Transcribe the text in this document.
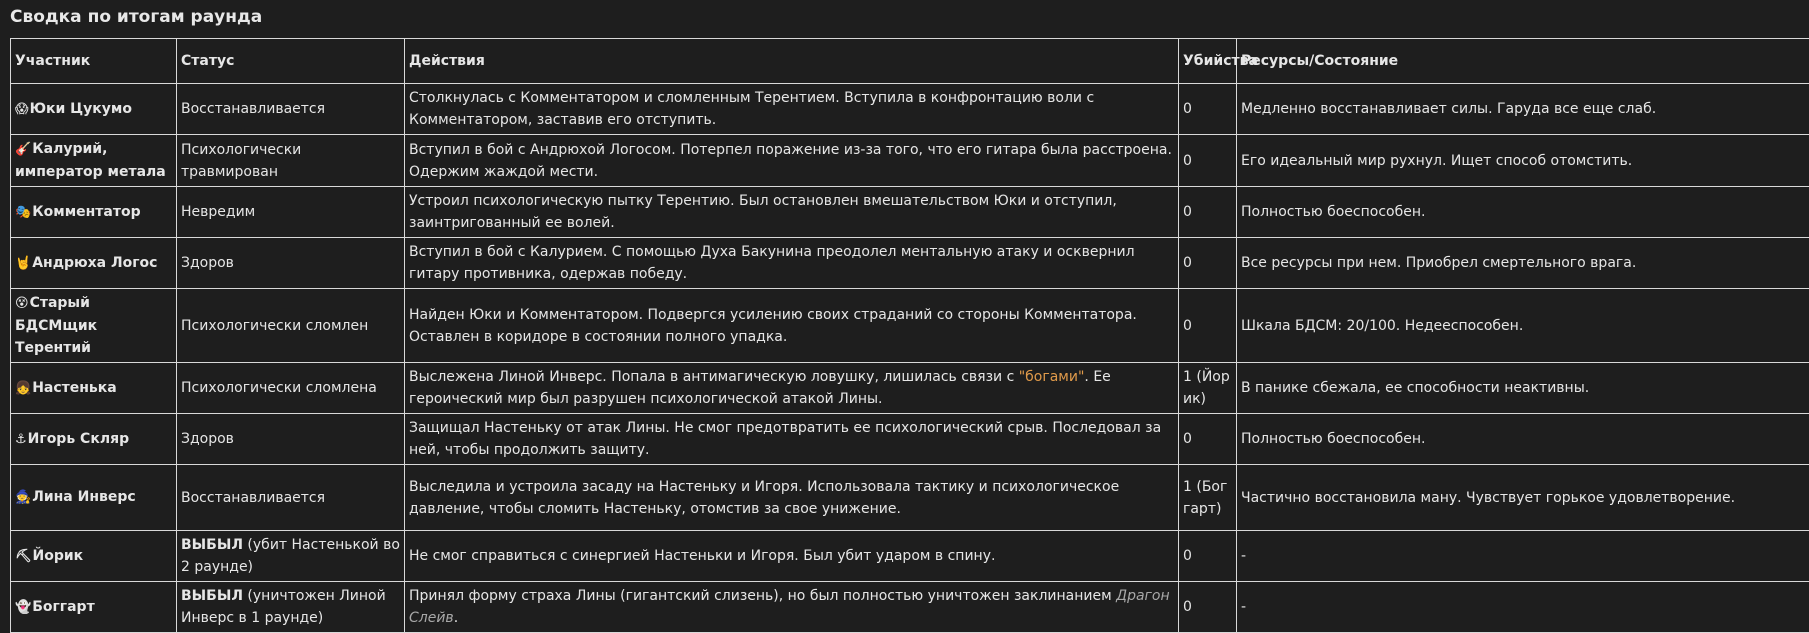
Сводка по итогам раунда
Участник	Статус	Действия	Убийства	Ресурсы/Состояние
😱Юки Цукумо	Восстанавливается	Столкнулась с Комментатором и сломленным Терентием. Вступила в конфронтацию воли с Комментатором, заставив его отступить.	0	Медленно восстанавливает силы. Гаруда все еще слаб.
🎸Калурий, император метала	Психологически травмирован	Вступил в бой с Андрюхой Логосом. Потерпел поражение из-за того, что его гитара была расстроена. Одержим жаждой мести.	0	Его идеальный мир рухнул. Ищет способ отомстить.
🎭Комментатор	Невредим	Устроил психологическую пытку Терентию. Был остановлен вмешательством Юки и отступил, заинтригованный ее волей.	0	Полностью боеспособен.
🤘Андрюха Логос	Здоров	Вступил в бой с Калурием. С помощью Духа Бакунина преодолел ментальную атаку и осквернил гитару противника, одержав победу.	0	Все ресурсы при нем. Приобрел смертельного врага.
😵Старый БДСМщик Терентий	Психологически сломлен	Найден Юки и Комментатором. Подвергся усилению своих страданий со стороны Комментатора. Оставлен в коридоре в состоянии полного упадка.	0	Шкала БДСМ: 20/100. Недееспособен.
👧Настенька	Психологически сломлена	Выслежена Линой Инверс. Попала в антимагическую ловушку, лишилась связи с "богами". Ее героический мир был разрушен психологической атакой Лины.	1 (Йорик)	В панике сбежала, ее способности неактивны.
⚓Игорь Скляр	Здоров	Защищал Настеньку от атак Лины. Не смог предотвратить ее психологический срыв. Последовал за ней, чтобы продолжить защиту.	0	Полностью боеспособен.
🧙Лина Инверс	Восстанавливается	Выследила и устроила засаду на Настеньку и Игоря. Использовала тактику и психологическое давление, чтобы сломить Настеньку, отомстив за свое унижение.	1 (Боггарт)	Частично восстановила ману. Чувствует горькое удовлетворение.
⛏Йорик	ВЫБЫЛ (убит Настенькой во 2 раунде)	Не смог справиться с синергией Настеньки и Игоря. Был убит ударом в спину.	0	-
👻Боггарт	ВЫБЫЛ (уничтожен Линой Инверс в 1 раунде)	Принял форму страха Лины (гигантский слизень), но был полностью уничтожен заклинанием Драгон Слейв.	0	-
